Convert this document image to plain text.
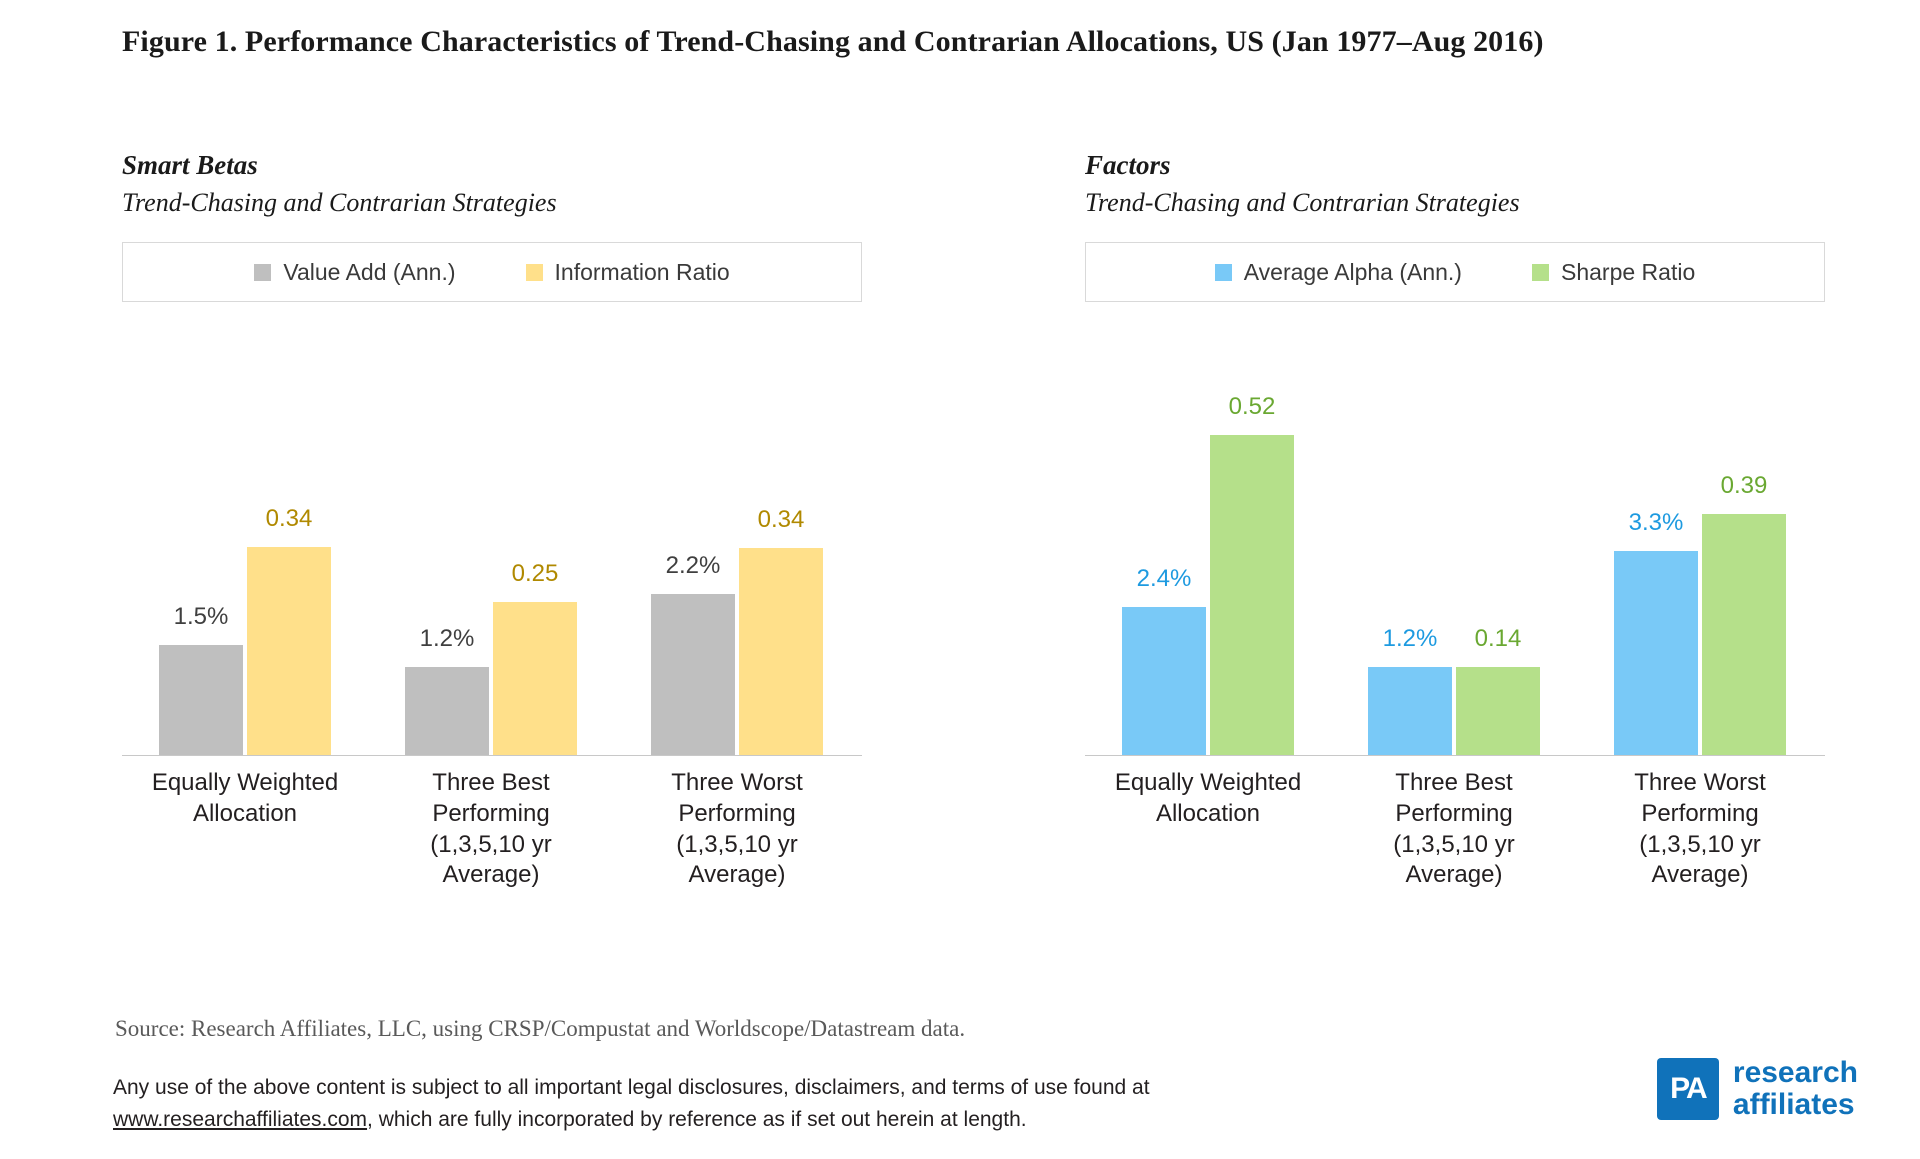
Figure 1. Performance Characteristics of Trend-Chasing and Contrarian Allocations, US (Jan 1977–Aug 2016)
Smart Betas
Trend-Chasing and Contrarian Strategies
Value Add (Ann.)	Information Ratio
1.5%
0.34
1.2%
0.25	2.2%
0.34
Equally Weighted
Allocation
Three Best
Performing
(1,3,5,10 yr
Average)
Three Worst
Performing
(1,3,5,10 yr
Average)
Factors
Trend-Chasing and Contrarian Strategies
Average Alpha (Ann.)	Sharpe Ratio
2.4%
0.52
1.2%	0.14
3.3%
0.39
Equally Weighted
Allocation
Three Best
Performing
(1,3,5,10 yr
Average)
Three Worst
Performing
(1,3,5,10 yr
Average)
Source: Research Affiliates, LLC, using CRSP/Compustat and Worldscope/Datastream data.
Any use of the above content is subject to all important legal disclosures, disclaimers, and terms of use found at www.researchaffiliates.com, which are fully incorporated by reference as if set out herein at length.
PA research
affiliates
